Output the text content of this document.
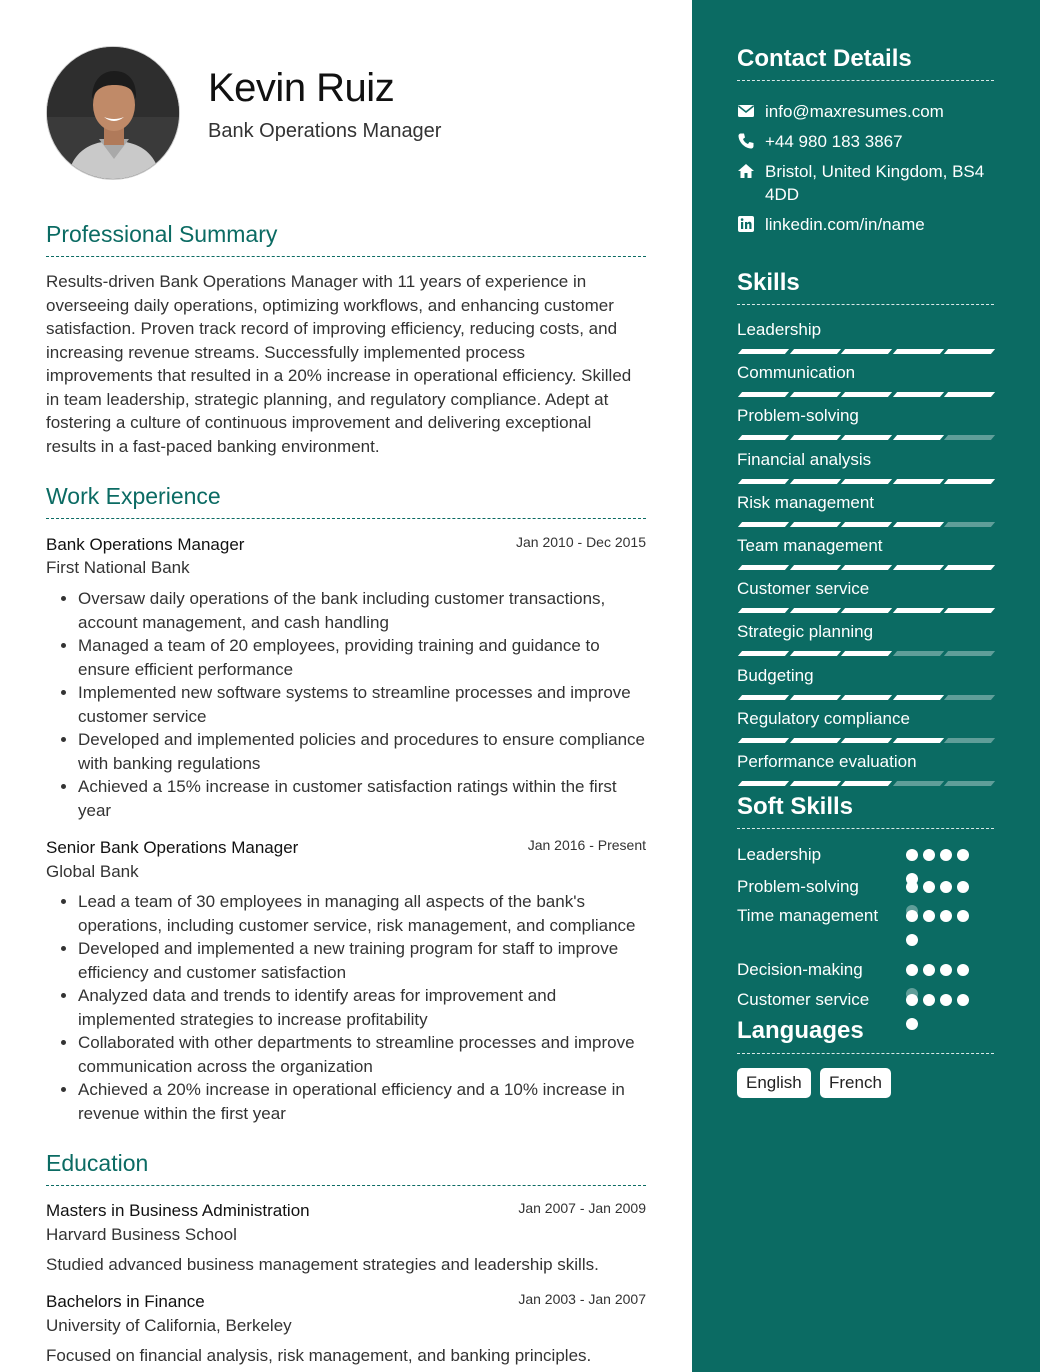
Kevin Ruiz
Bank Operations Manager
Professional Summary
Results-driven Bank Operations Manager with 11 years of experience in overseeing daily operations, optimizing workflows, and enhancing customer satisfaction. Proven track record of improving efficiency, reducing costs, and increasing revenue streams. Successfully implemented process improvements that resulted in a 20% increase in operational efficiency. Skilled in team leadership, strategic planning, and regulatory compliance. Adept at fostering a culture of continuous improvement and delivering exceptional results in a fast-paced banking environment.
Work Experience
Bank Operations Manager	Jan 2010 - Dec 2015
First National Bank
• Oversaw daily operations of the bank including customer transactions, account management, and cash handling
• Managed a team of 20 employees, providing training and guidance to ensure efficient performance
• Implemented new software systems to streamline processes and improve customer service
• Developed and implemented policies and procedures to ensure compliance with banking regulations
• Achieved a 15% increase in customer satisfaction ratings within the first year
Senior Bank Operations Manager	Jan 2016 - Present
Global Bank
• Lead a team of 30 employees in managing all aspects of the bank's operations, including customer service, risk management, and compliance
• Developed and implemented a new training program for staff to improve efficiency and customer satisfaction
• Analyzed data and trends to identify areas for improvement and implemented strategies to increase profitability
• Collaborated with other departments to streamline processes and improve communication across the organization
• Achieved a 20% increase in operational efficiency and a 10% increase in revenue within the first year
Education
Masters in Business Administration	Jan 2007 - Jan 2009
Harvard Business School
Studied advanced business management strategies and leadership skills.
Bachelors in Finance	Jan 2003 - Jan 2007
University of California, Berkeley
Focused on financial analysis, risk management, and banking principles.
Contact Details
info@maxresumes.com
+44 980 183 3867
Bristol, United Kingdom, BS4 4DD
linkedin.com/in/name
Skills
Soft Skills
Languages
English	French
Leadership
Communication
Problem-solving
Financial analysis
Risk management
Team management
Customer service
Strategic planning
Budgeting
Regulatory compliance
Performance evaluation
Leadership
Problem-solving
Time management
Decision-making
Customer service
